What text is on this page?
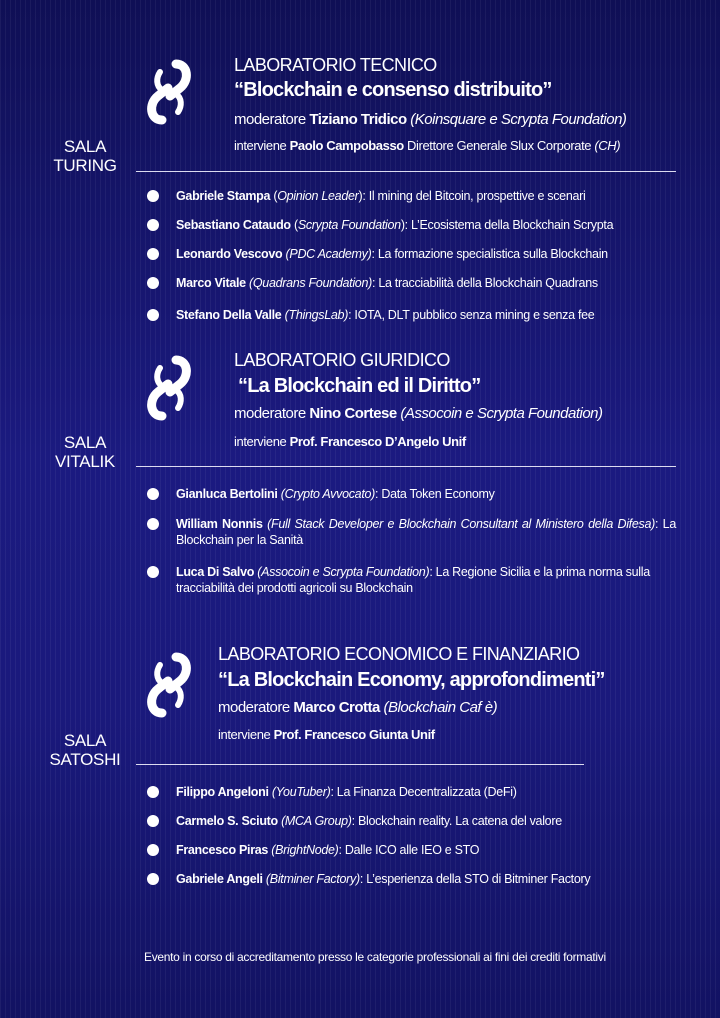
SALA
TURING
LABORATORIO TECNICO
“Blockchain e consenso distribuito”
moderatore Tiziano Tridico (Koinsquare e Scrypta Foundation)
interviene Paolo Campobasso Direttore Generale Slux Corporate (CH)
Gabriele Stampa (Opinion Leader): Il mining del Bitcoin, prospettive e scenari
Sebastiano Cataudo (Scrypta Foundation): L’Ecosistema della Blockchain Scrypta
Leonardo Vescovo (PDC Academy): La formazione specialistica sulla Blockchain
Marco Vitale (Quadrans Foundation): La tracciabilità della Blockchain Quadrans
Stefano Della Valle (ThingsLab): IOTA, DLT pubblico senza mining e senza fee
SALA
VITALIK
LABORATORIO GIURIDICO
“La Blockchain ed il Diritto”
moderatore Nino Cortese (Assocoin e Scrypta Foundation)
interviene Prof. Francesco D’Angelo Unif
Gianluca Bertolini (Crypto Avvocato): Data Token Economy
William Nonnis (Full Stack Developer e Blockchain Consultant al Ministero della Difesa): La Blockchain per la Sanità
Luca Di Salvo (Assocoin e Scrypta Foundation): La Regione Sicilia e la prima norma sulla tracciabilità dei prodotti agricoli su Blockchain
SALA
SATOSHI
LABORATORIO ECONOMICO E FINANZIARIO
“La Blockchain Economy, approfondimenti”
moderatore Marco Crotta (Blockchain Caf è)
interviene Prof. Francesco Giunta Unif
Filippo Angeloni (YouTuber): La Finanza Decentralizzata (DeFi)
Carmelo S. Sciuto (MCA Group): Blockchain reality. La catena del valore
Francesco Piras (BrightNode): Dalle ICO alle IEO e STO
Gabriele Angeli (Bitminer Factory): L’esperienza della STO di Bitminer Factory
Evento in corso di accreditamento presso le categorie professionali ai fini dei crediti formativi
